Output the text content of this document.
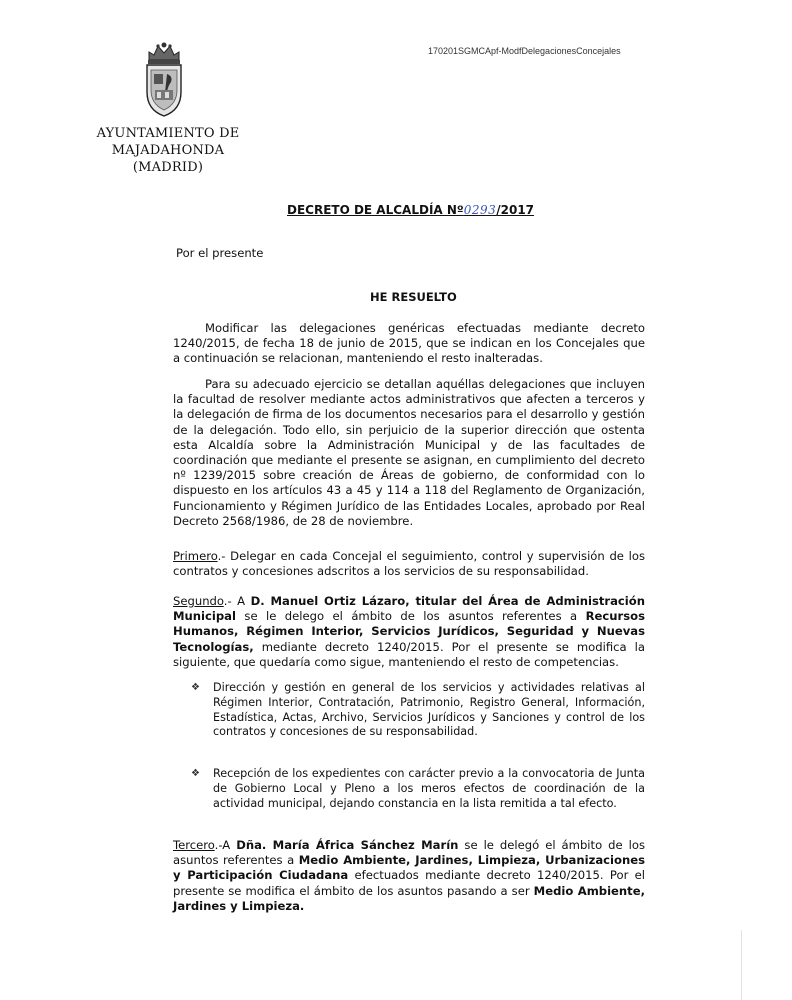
AYUNTAMIENTO DE
MAJADAHONDA
(MADRID)
170201SGMCApf-ModfDelegacionesConcejales
DECRETO DE ALCALDÍA Nº0293/2017
Por el presente
HE RESUELTO
Modificar las delegaciones genéricas efectuadas mediante decreto 1240/2015, de fecha 18 de junio de 2015, que se indican en los Concejales que a continuación se relacionan, manteniendo el resto inalteradas.
Para su adecuado ejercicio se detallan aquéllas delegaciones que incluyen la facultad de resolver mediante actos administrativos que afecten a terceros y la delegación de firma de los documentos necesarios para el desarrollo y gestión de la delegación. Todo ello, sin perjuicio de la superior dirección que ostenta esta Alcaldía sobre la Administración Municipal y de las facultades de coordinación que mediante el presente se asignan, en cumplimiento del decreto nº 1239/2015 sobre creación de Áreas de gobierno, de conformidad con lo dispuesto en los artículos 43 a 45 y 114 a 118 del Reglamento de Organización, Funcionamiento y Régimen Jurídico de las Entidades Locales, aprobado por Real Decreto 2568/1986, de 28 de noviembre.
Primero.- Delegar en cada Concejal el seguimiento, control y supervisión de los contratos y concesiones adscritos a los servicios de su responsabilidad.
Segundo.- A D. Manuel Ortiz Lázaro, titular del Área de Administración Municipal se le delego el ámbito de los asuntos referentes a Recursos Humanos, Régimen Interior, Servicios Jurídicos, Seguridad y Nuevas Tecnologías, mediante decreto 1240/2015. Por el presente se modifica la siguiente, que quedaría como sigue, manteniendo el resto de competencias.
❖ Dirección y gestión en general de los servicios y actividades relativas al Régimen Interior, Contratación, Patrimonio, Registro General, Información, Estadística, Actas, Archivo, Servicios Jurídicos y Sanciones y control de los contratos y concesiones de su responsabilidad.
❖ Recepción de los expedientes con carácter previo a la convocatoria de Junta de Gobierno Local y Pleno a los meros efectos de coordinación de la actividad municipal, dejando constancia en la lista remitida a tal efecto.
Tercero.-A Dña. María África Sánchez Marín se le delegó el ámbito de los asuntos referentes a Medio Ambiente, Jardines, Limpieza, Urbanizaciones y Participación Ciudadana efectuados mediante decreto 1240/2015. Por el presente se modifica el ámbito de los asuntos pasando a ser Medio Ambiente, Jardines y Limpieza.
